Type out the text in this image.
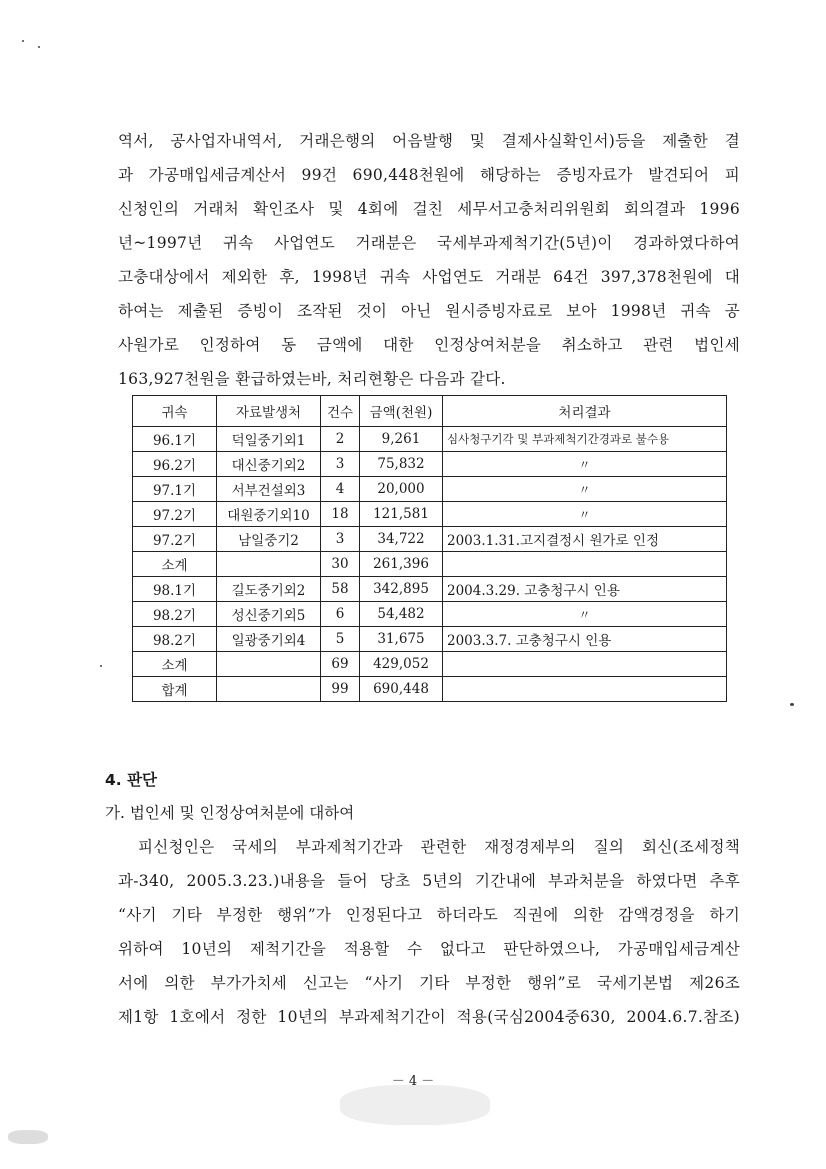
역서, 공사업자내역서, 거래은행의 어음발행 및 결제사실확인서)등을 제출한 결
과 가공매입세금계산서 99건 690,448천원에 해당하는 증빙자료가 발견되어 피
신청인의 거래처 확인조사 및 4회에 걸친 세무서고충처리위원회 회의결과 1996
년~1997년 귀속 사업연도 거래분은 국세부과제척기간(5년)이 경과하였다하여
고충대상에서 제외한 후, 1998년 귀속 사업연도 거래분 64건 397,378천원에 대
하여는 제출된 증빙이 조작된 것이 아닌 원시증빙자료로 보아 1998년 귀속 공
사원가로 인정하여 동 금액에 대한 인정상여처분을 취소하고 관련 법인세
163,927천원을 환급하였는바, 처리현황은 다음과 같다.
귀속	자료발생처	건수	금액(천원)	처리결과
96.1기	덕일중기외1	2	9,261	심사청구기각 및 부과제척기간경과로 불수용
96.2기	대신중기외2	3	75,832	〃

97.1기	서부건설외3	4	20,000	〃

97.2기	대원중기외10	18	121,581	〃

97.2기	남일중기2	3	34,722	2003.1.31.고지결정시 원가로 인정
소계		30	261,396	
98.1기	길도중기외2	58	342,895	2004.3.29. 고충청구시 인용
98.2기	성신중기외5	6	54,482	〃

98.2기	일광중기외4	5	31,675	2003.3.7. 고충청구시 인용
소계		69	429,052	
합계		99	690,448	
4. 판단
가. 법인세 및 인정상여처분에 대하여
피신청인은 국세의 부과제척기간과 관련한 재정경제부의 질의 회신(조세정책
과-340, 2005.3.23.)내용을 들어 당초 5년의 기간내에 부과처분을 하였다면 추후
“사기 기타 부정한 행위”가 인정된다고 하더라도 직권에 의한 감액경정을 하기
위하여 10년의 제척기간을 적용할 수 없다고 판단하였으나, 가공매입세금계산
서에 의한 부가가치세 신고는 “사기 기타 부정한 행위”로 국세기본법 제26조
제1항 1호에서 정한 10년의 부과제척기간이 적용(국심2004중630, 2004.6.7.참조)
－ 4 －
